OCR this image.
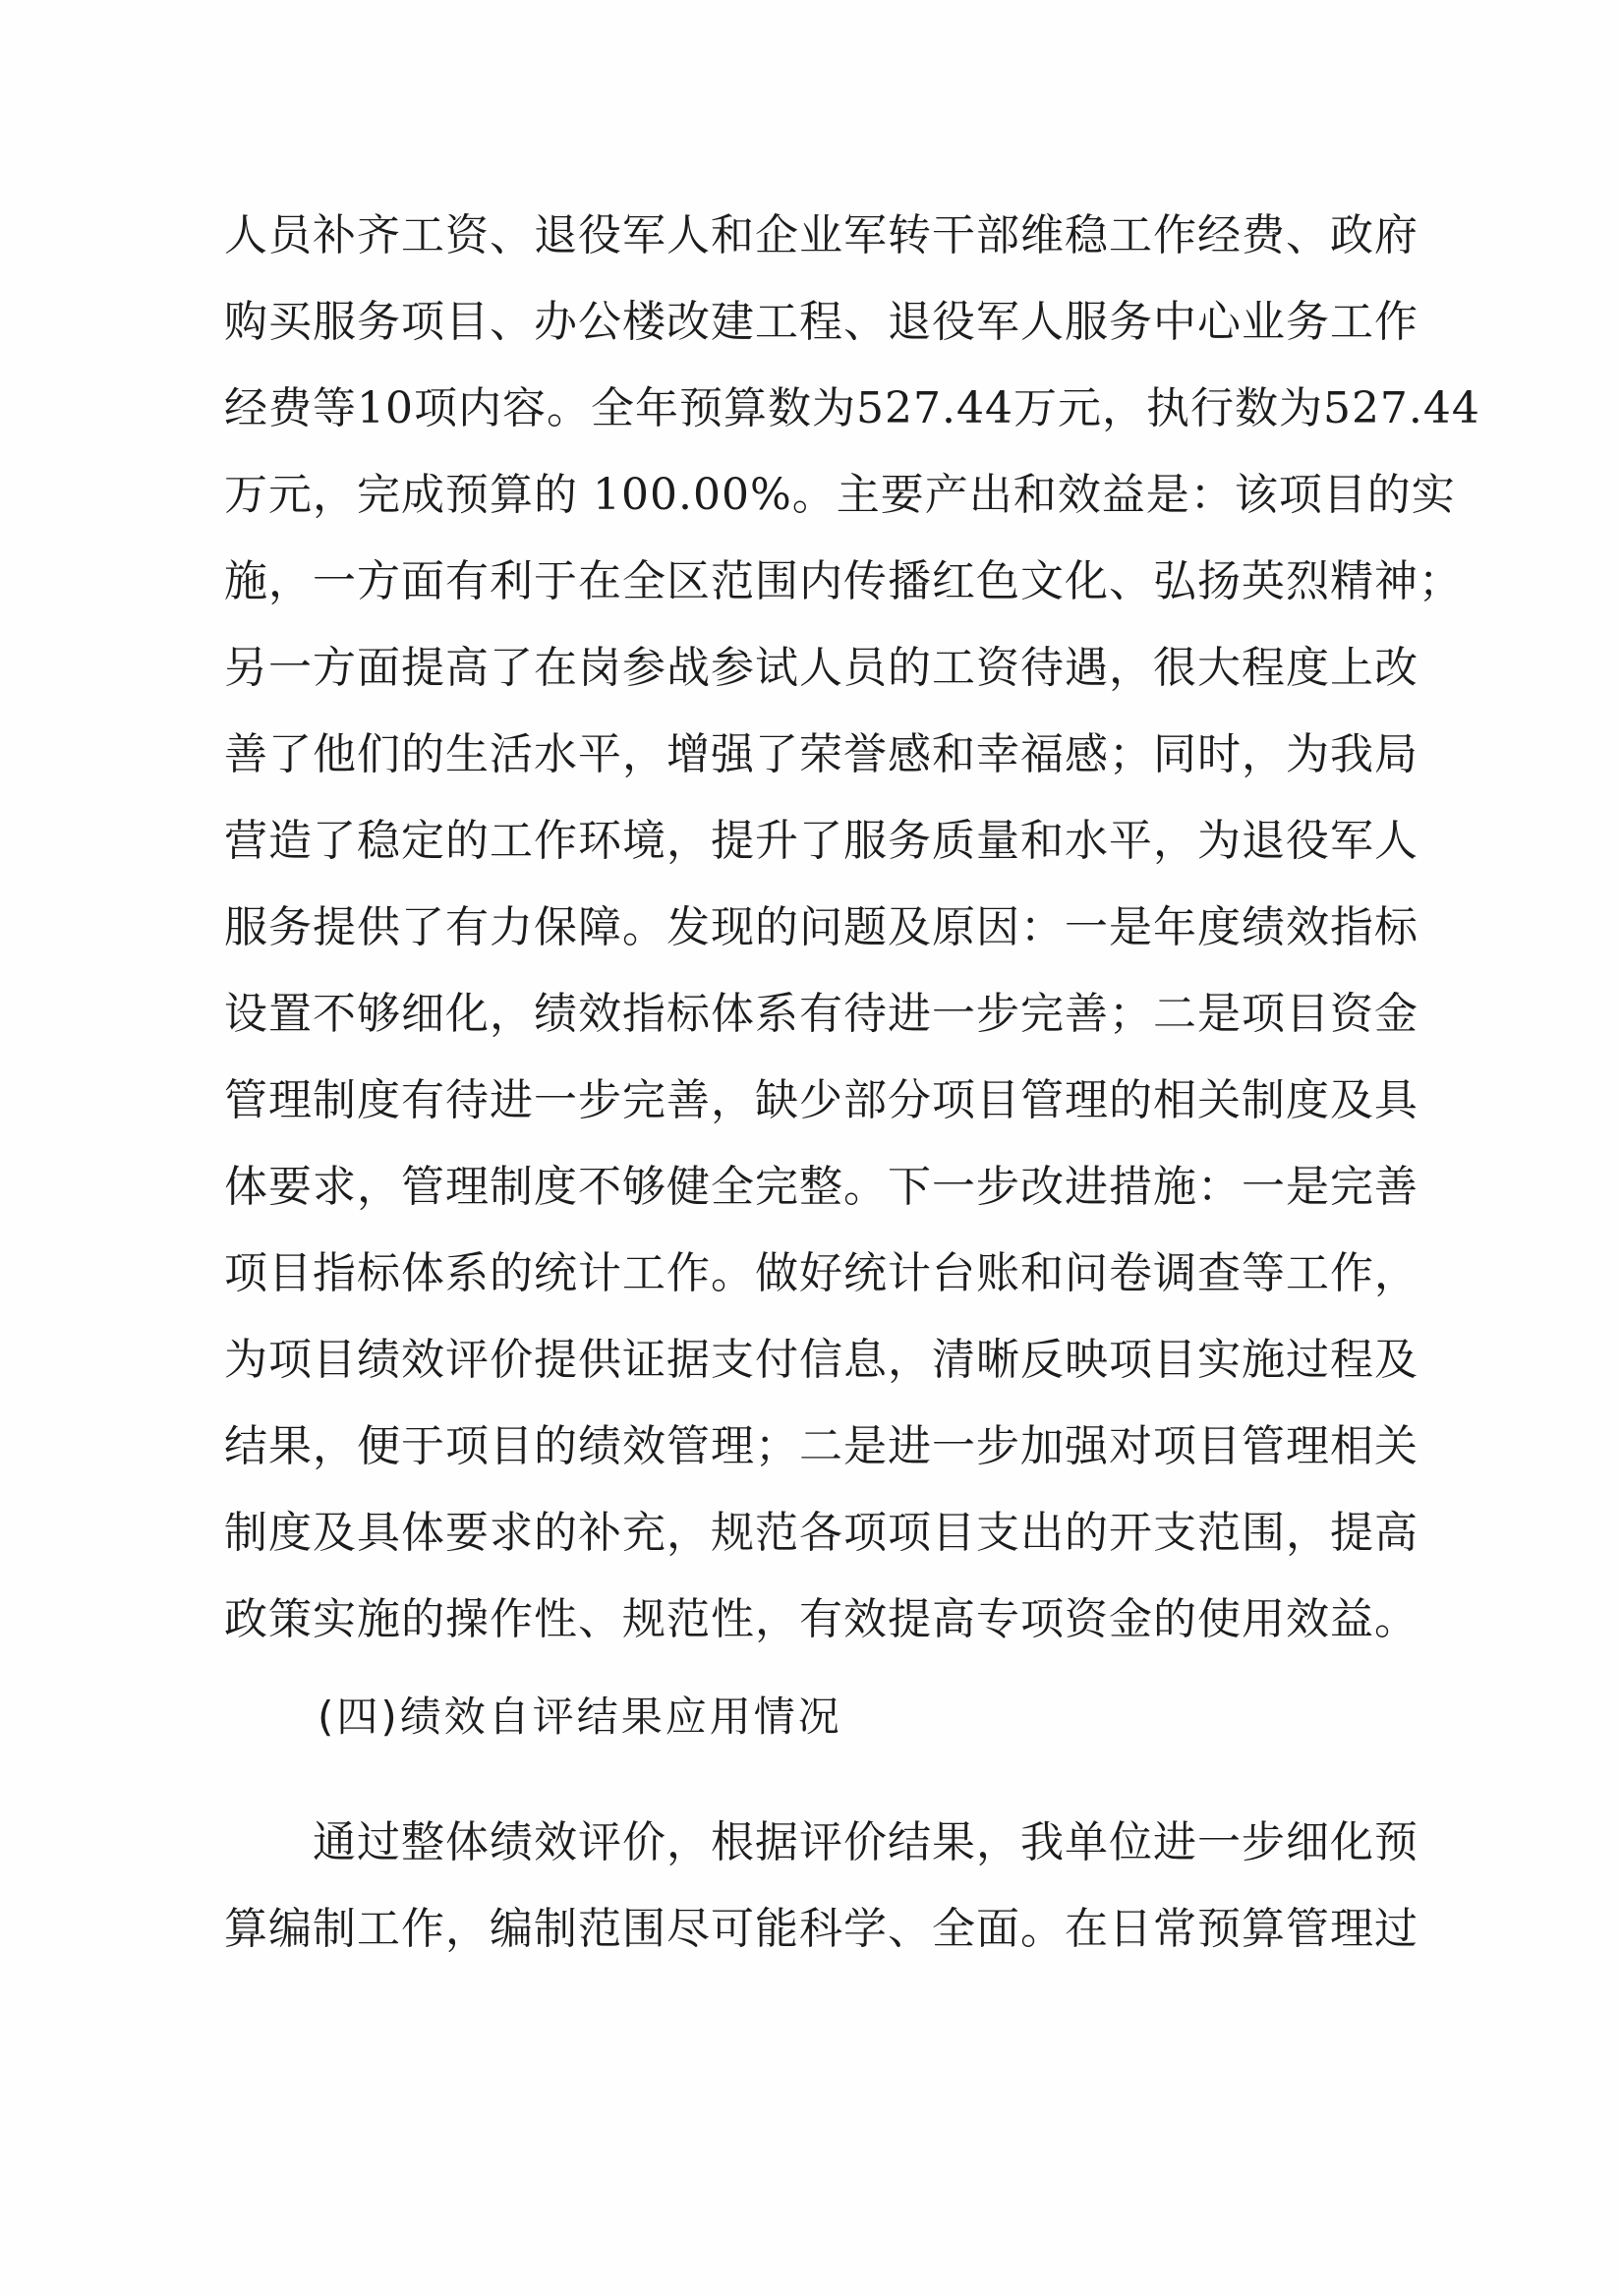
人员补齐工资、退役军人和企业军转干部维稳工作经费、政府
购买服务项目、办公楼改建工程、退役军人服务中心业务工作
经费等10项内容。全年预算数为527.44万元，执行数为527.44
万元，完成预算的 100.00%。主要产出和效益是：该项目的实
施，一方面有利于在全区范围内传播红色文化、弘扬英烈精神；
另一方面提高了在岗参战参试人员的工资待遇，很大程度上改
善了他们的生活水平，增强了荣誉感和幸福感；同时，为我局
营造了稳定的工作环境，提升了服务质量和水平，为退役军人
服务提供了有力保障。发现的问题及原因：一是年度绩效指标
设置不够细化，绩效指标体系有待进一步完善；二是项目资金
管理制度有待进一步完善，缺少部分项目管理的相关制度及具
体要求，管理制度不够健全完整。下一步改进措施：一是完善
项目指标体系的统计工作。做好统计台账和问卷调查等工作，
为项目绩效评价提供证据支付信息，清晰反映项目实施过程及
结果，便于项目的绩效管理；二是进一步加强对项目管理相关
制度及具体要求的补充，规范各项项目支出的开支范围，提高
政策实施的操作性、规范性，有效提高专项资金的使用效益。
(四)绩效自评结果应用情况
　　通过整体绩效评价，根据评价结果，我单位进一步细化预
算编制工作，编制范围尽可能科学、全面。在日常预算管理过
